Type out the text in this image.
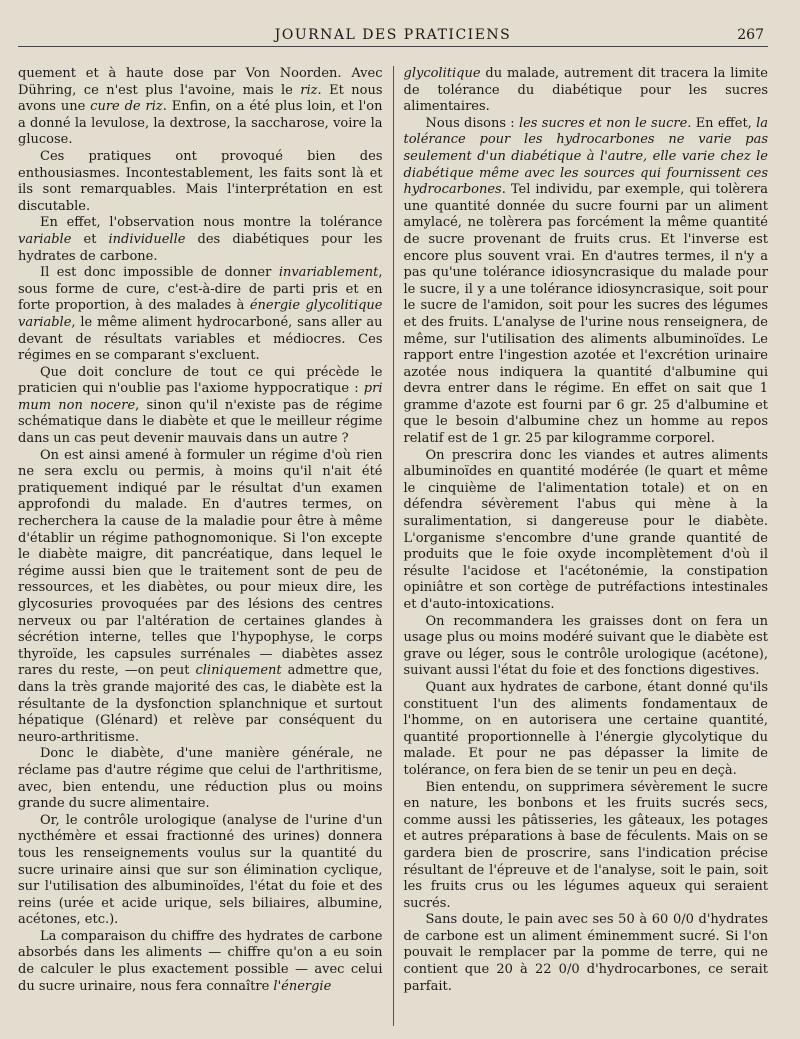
JOURNAL DES PRATICIENS	267

quement et à haute dose par Von Noorden. Avec Dühring, ce n'est plus l'avoine, mais le riz. Et nous avons une cure de riz. Enfin, on a été plus loin, et l'on a donné la levulose, la dextrose, la saccharose, voire la glucose.

Ces pratiques ont provoqué bien des enthousiasmes. Incontestablement, les faits sont là et ils sont remarquables. Mais l'interprétation en est discutable.

En effet, l'observation nous montre la tolérance variable et individuelle des diabétiques pour les hydrates de carbone.

Il est donc impossible de donner invariablement, sous forme de cure, c'est-à-dire de parti pris et en forte proportion, à des malades à énergie glycolitique variable, le même aliment hydrocarboné, sans aller au devant de résultats variables et médiocres. Ces régimes en se comparant s'excluent.

Que doit conclure de tout ce qui précède le praticien qui n'oublie pas l'axiome hyppocratique : pri mum non nocere, sinon qu'il n'existe pas de régime schématique dans le diabète et que le meilleur régime dans un cas peut devenir mauvais dans un autre ?

On est ainsi amené à formuler un régime d'où rien ne sera exclu ou permis, à moins qu'il n'ait été pratiquement indiqué par le résultat d'un examen approfondi du malade. En d'autres termes, on recherchera la cause de la maladie pour être à même d'établir un régime pathognomonique. Si l'on excepte le diabète maigre, dit pancréatique, dans lequel le régime aussi bien que le traitement sont de peu de ressources, et les diabètes, ou pour mieux dire, les glycosuries provoquées par des lésions des centres nerveux ou par l'altération de certaines glandes à sécrétion interne, telles que l'hypophyse, le corps thyroïde, les capsules surrénales — diabètes assez rares du reste, —on peut cliniquement admettre que, dans la très grande majorité des cas, le diabète est la résultante de la dysfonction splanchnique et surtout hépatique (Glénard) et relève par conséquent du neuro-arthritisme.

Donc le diabète, d'une manière générale, ne réclame pas d'autre régime que celui de l'arthritisme, avec, bien entendu, une réduction plus ou moins grande du sucre alimentaire.

Or, le contrôle urologique (analyse de l'urine d'un nycthémère et essai fractionné des urines) donnera tous les renseignements voulus sur la quantité du sucre urinaire ainsi que sur son élimination cyclique, sur l'utilisation des albuminoïdes, l'état du foie et des reins (urée et acide urique, sels biliaires, albumine, acétones, etc.).

La comparaison du chiffre des hydrates de carbone absorbés dans les aliments — chiffre qu'on a eu soin de calculer le plus exactement possible — avec celui du sucre urinaire, nous fera connaître l'énergie

glycolitique du malade, autrement dit tracera la limite de tolérance du diabétique pour les sucres alimentaires.

Nous disons : les sucres et non le sucre. En effet, la tolérance pour les hydrocarbones ne varie pas seulement d'un diabétique à l'autre, elle varie chez le diabétique même avec les sources qui fournissent ces hydrocarbones. Tel individu, par exemple, qui tolèrera une quantité donnée du sucre fourni par un aliment amylacé, ne tolèrera pas forcément la même quantité de sucre provenant de fruits crus. Et l'inverse est encore plus souvent vrai. En d'autres termes, il n'y a pas qu'une tolérance idiosyncrasique du malade pour le sucre, il y a une tolérance idiosyncrasique, soit pour le sucre de l'amidon, soit pour les sucres des légumes et des fruits. L'analyse de l'urine nous renseignera, de même, sur l'utilisation des aliments albuminoïdes. Le rapport entre l'ingestion azotée et l'excrétion urinaire azotée nous indiquera la quantité d'albumine qui devra entrer dans le régime. En effet on sait que 1 gramme d'azote est fourni par 6 gr. 25 d'albumine et que le besoin d'albumine chez un homme au repos relatif est de 1 gr. 25 par kilogramme corporel.

On prescrira donc les viandes et autres aliments albuminoïdes en quantité modérée (le quart et même le cinquième de l'alimentation totale) et on en défendra sévèrement l'abus qui mène à la suralimentation, si dangereuse pour le diabète. L'organisme s'encombre d'une grande quantité de produits que le foie oxyde incomplètement d'où il résulte l'acidose et l'acétonémie, la constipation opiniâtre et son cortège de putréfactions intestinales et d'auto-intoxications.

On recommandera les graisses dont on fera un usage plus ou moins modéré suivant que le diabète est grave ou léger, sous le contrôle urologique (acétone), suivant aussi l'état du foie et des fonctions digestives.

Quant aux hydrates de carbone, étant donné qu'ils constituent l'un des aliments fondamentaux de l'homme, on en autorisera une certaine quantité, quantité proportionnelle à l'énergie glycolytique du malade. Et pour ne pas dépasser la limite de tolérance, on fera bien de se tenir un peu en deçà.

Bien entendu, on supprimera sévèrement le sucre en nature, les bonbons et les fruits sucrés secs, comme aussi les pâtisseries, les gâteaux, les potages et autres préparations à base de féculents. Mais on se gardera bien de proscrire, sans l'indication précise résultant de l'épreuve et de l'analyse, soit le pain, soit les fruits crus ou les légumes aqueux qui seraient sucrés.

Sans doute, le pain avec ses 50 à 60 0/0 d'hydrates de carbone est un aliment éminemment sucré. Si l'on pouvait le remplacer par la pomme de terre, qui ne contient que 20 à 22 0/0 d'hydrocarbones, ce serait parfait.
